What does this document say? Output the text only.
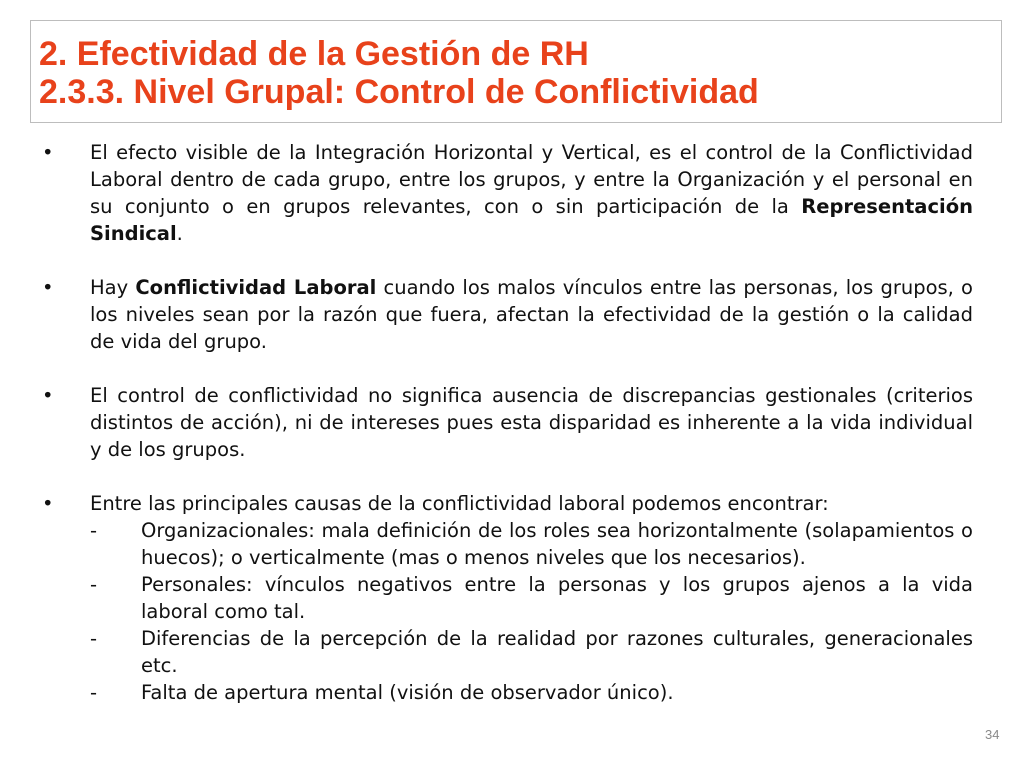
2. Efectividad de la Gestión de RH
2.3.3. Nivel Grupal: Control de Conflictividad
•	El efecto visible de la Integración Horizontal y Vertical, es el control de la Conflictividad Laboral dentro de cada grupo, entre los grupos, y entre la Organización y el personal en su conjunto o en grupos relevantes, con o sin participación de la Representación Sindical.
•	Hay Conflictividad Laboral cuando los malos vínculos entre las personas, los grupos, o los niveles sean por la razón que fuera, afectan la efectividad de la gestión o la calidad de vida del grupo.
•	El control de conflictividad no significa ausencia de discrepancias gestionales (criterios distintos de acción), ni de intereses pues esta disparidad es inherente a la vida individual y de los grupos.
•	Entre las principales causas de la conflictividad laboral podemos encontrar:
-	Organizacionales: mala definición de los roles sea horizontalmente (solapamientos o huecos); o verticalmente (mas o menos niveles que los necesarios).
-	Personales: vínculos negativos entre la personas y los grupos ajenos a la vida laboral como tal.
-	Diferencias de la percepción de la realidad por razones culturales, generacionales etc.
-	Falta de apertura mental (visión de observador único).
34
